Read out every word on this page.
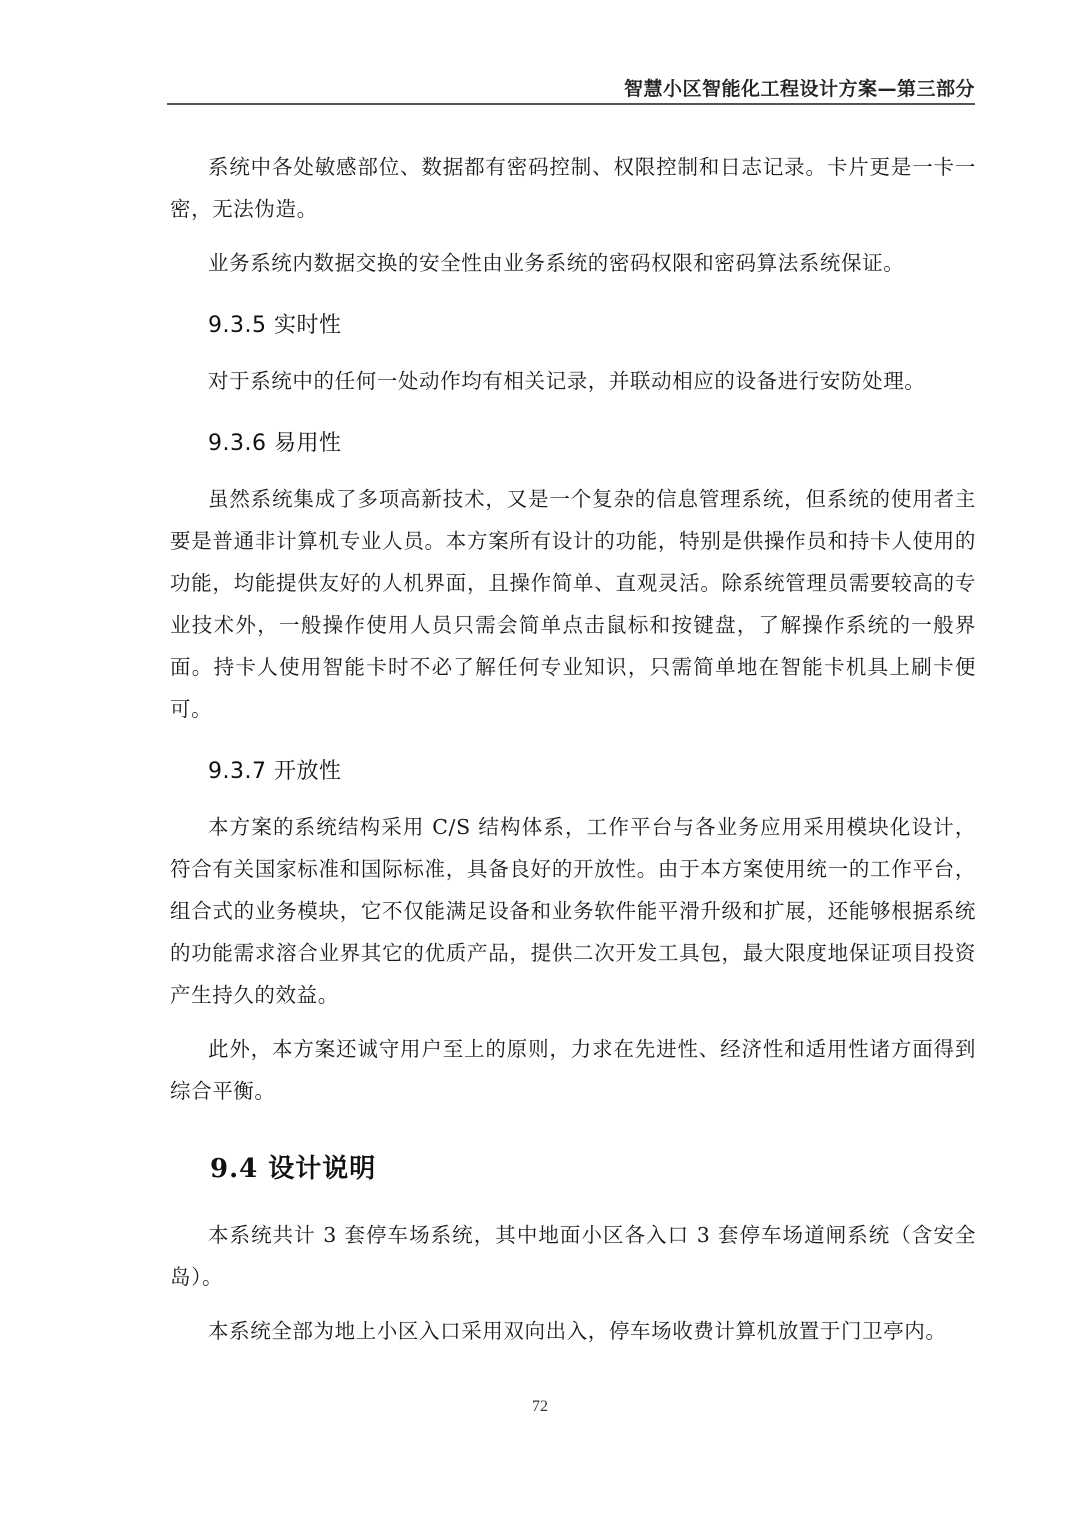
智慧小区智能化工程设计方案—第三部分

系统中各处敏感部位、数据都有密码控制、权限控制和日志记录。卡片更是一卡一密，无法伪造。

业务系统内数据交换的安全性由业务系统的密码权限和密码算法系统保证。

9.3.5 实时性

对于系统中的任何一处动作均有相关记录，并联动相应的设备进行安防处理。

9.3.6 易用性

虽然系统集成了多项高新技术，又是一个复杂的信息管理系统，但系统的使用者主要是普通非计算机专业人员。本方案所有设计的功能，特别是供操作员和持卡人使用的功能，均能提供友好的人机界面，且操作简单、直观灵活。除系统管理员需要较高的专业技术外，一般操作使用人员只需会简单点击鼠标和按键盘，了解操作系统的一般界面。持卡人使用智能卡时不必了解任何专业知识，只需简单地在智能卡机具上刷卡便可。

9.3.7 开放性

本方案的系统结构采用 C/S 结构体系，工作平台与各业务应用采用模块化设计，符合有关国家标准和国际标准，具备良好的开放性。由于本方案使用统一的工作平台，组合式的业务模块，它不仅能满足设备和业务软件能平滑升级和扩展，还能够根据系统的功能需求溶合业界其它的优质产品，提供二次开发工具包，最大限度地保证项目投资产生持久的效益。

此外，本方案还诚守用户至上的原则，力求在先进性、经济性和适用性诸方面得到综合平衡。

9.4 设计说明

本系统共计 3 套停车场系统，其中地面小区各入口 3 套停车场道闸系统（含安全岛）。

本系统全部为地上小区入口采用双向出入，停车场收费计算机放置于门卫亭内。

72
